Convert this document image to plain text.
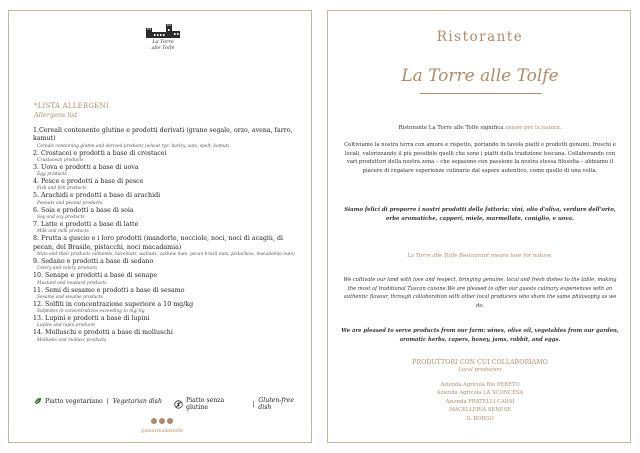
La Torre
alle Tolfe
*LISTA ALLERGENI
Allergens list
1.Cereali contenente glutine e prodotti derivati (grano segale, orzo, avena, farro, kamut)
Cereals containing gluten and derived products (wheat rye, barley, oats, spelt, kamut)
2. Crostacei e prodotti a base di crostacei
Crustacean products
3. Uova e prodotti a base di uova
Egg products
4. Pesce e prodotti a base di pesce
Fish and fish products
5. Arachidi e prodotti a base di arachidi
Peanuts and peanut products
6. Soia e prodotti a base di soia
Soy and soy products
7. Latte e prodotti a base di latte
Milk and milk products
8. Frutta a guscio e i loro prodotti (mandorle, nocciole, noci, noci di acagiù, di pecan, del Brasile, pistacchi, noci macadamia)
Nuts and their products (almonds, hazelnuts, walnuts, cashew nuts, pecan brazil nuts, pistachios, macadamia nuts)
9. Sedano e prodotti a base di sedano
Celery and celery products
10. Senape e prodotti a base di senape
Mustard and mustard products
11. Semi di sesamo e prodotti a base di sesamo
Sesame and sesame products
12. Solfiti in concentrazione superiore a 10 mg/kg
Sulphites in concentrations exceeding to mg/ kg
13. Lupini e prodotti a base di lupini
Lupins and lupin products
14. Molluschi e prodotti a base di molluschi
Mollusks and mollusc products
Piatto vegetariano | Vegetarian dish	Piatto senza glutine	| Gluten-free dish
@latorreallextolfe
Ristorante
La Torre alle Tolfe
Ristorante La Torre alle Tolfe significa amore per la natura.
Coltiviamo la nostra terra con amore e rispetto, portando in tavola piatti e prodotti genuini, freschi e locali, valorizzando il più possibile quelli che sono i piatti della tradizione toscana. Collaborando con vari produttori della nostra zona – che sepasono con passione la nostra stessa filosofia – abbiamo il piacere di regalare esperienze culinarie dal sapore autentico, come quello di una volta.
Siamo felici di proporre i nostri prodotti della fattoria: vini, olio d'oliva, verdure dell'orto, erbe aromatiche, capperi, miele, marmellate, coniglio, e uova.
La Torre alle Tolfe Restaurant means love for nature.
We cultivate our land with love and respect, bringing genuine, local and fresh dishes to the table, making the most of traditional Tuscan cuisine.We are pleased to offer our guests culinary experiences with an authentic flavour, through collaboration with other local producers who share the same philosophy as we do.
We are pleased to serve products from our farm: wines, olive oil, vegetables from our garden, aromatic herbs, capers, honey, jams, rabbit, and eggs.
PRODUTTORI CON CUI COLLABORIAMO
Local producers
Azienda Agricola Bio PERETO
Azienda Agricola LA SCONCESA
Azienda FRATELLI CARAI
MACELLERIA SENESE
IL BORGO
